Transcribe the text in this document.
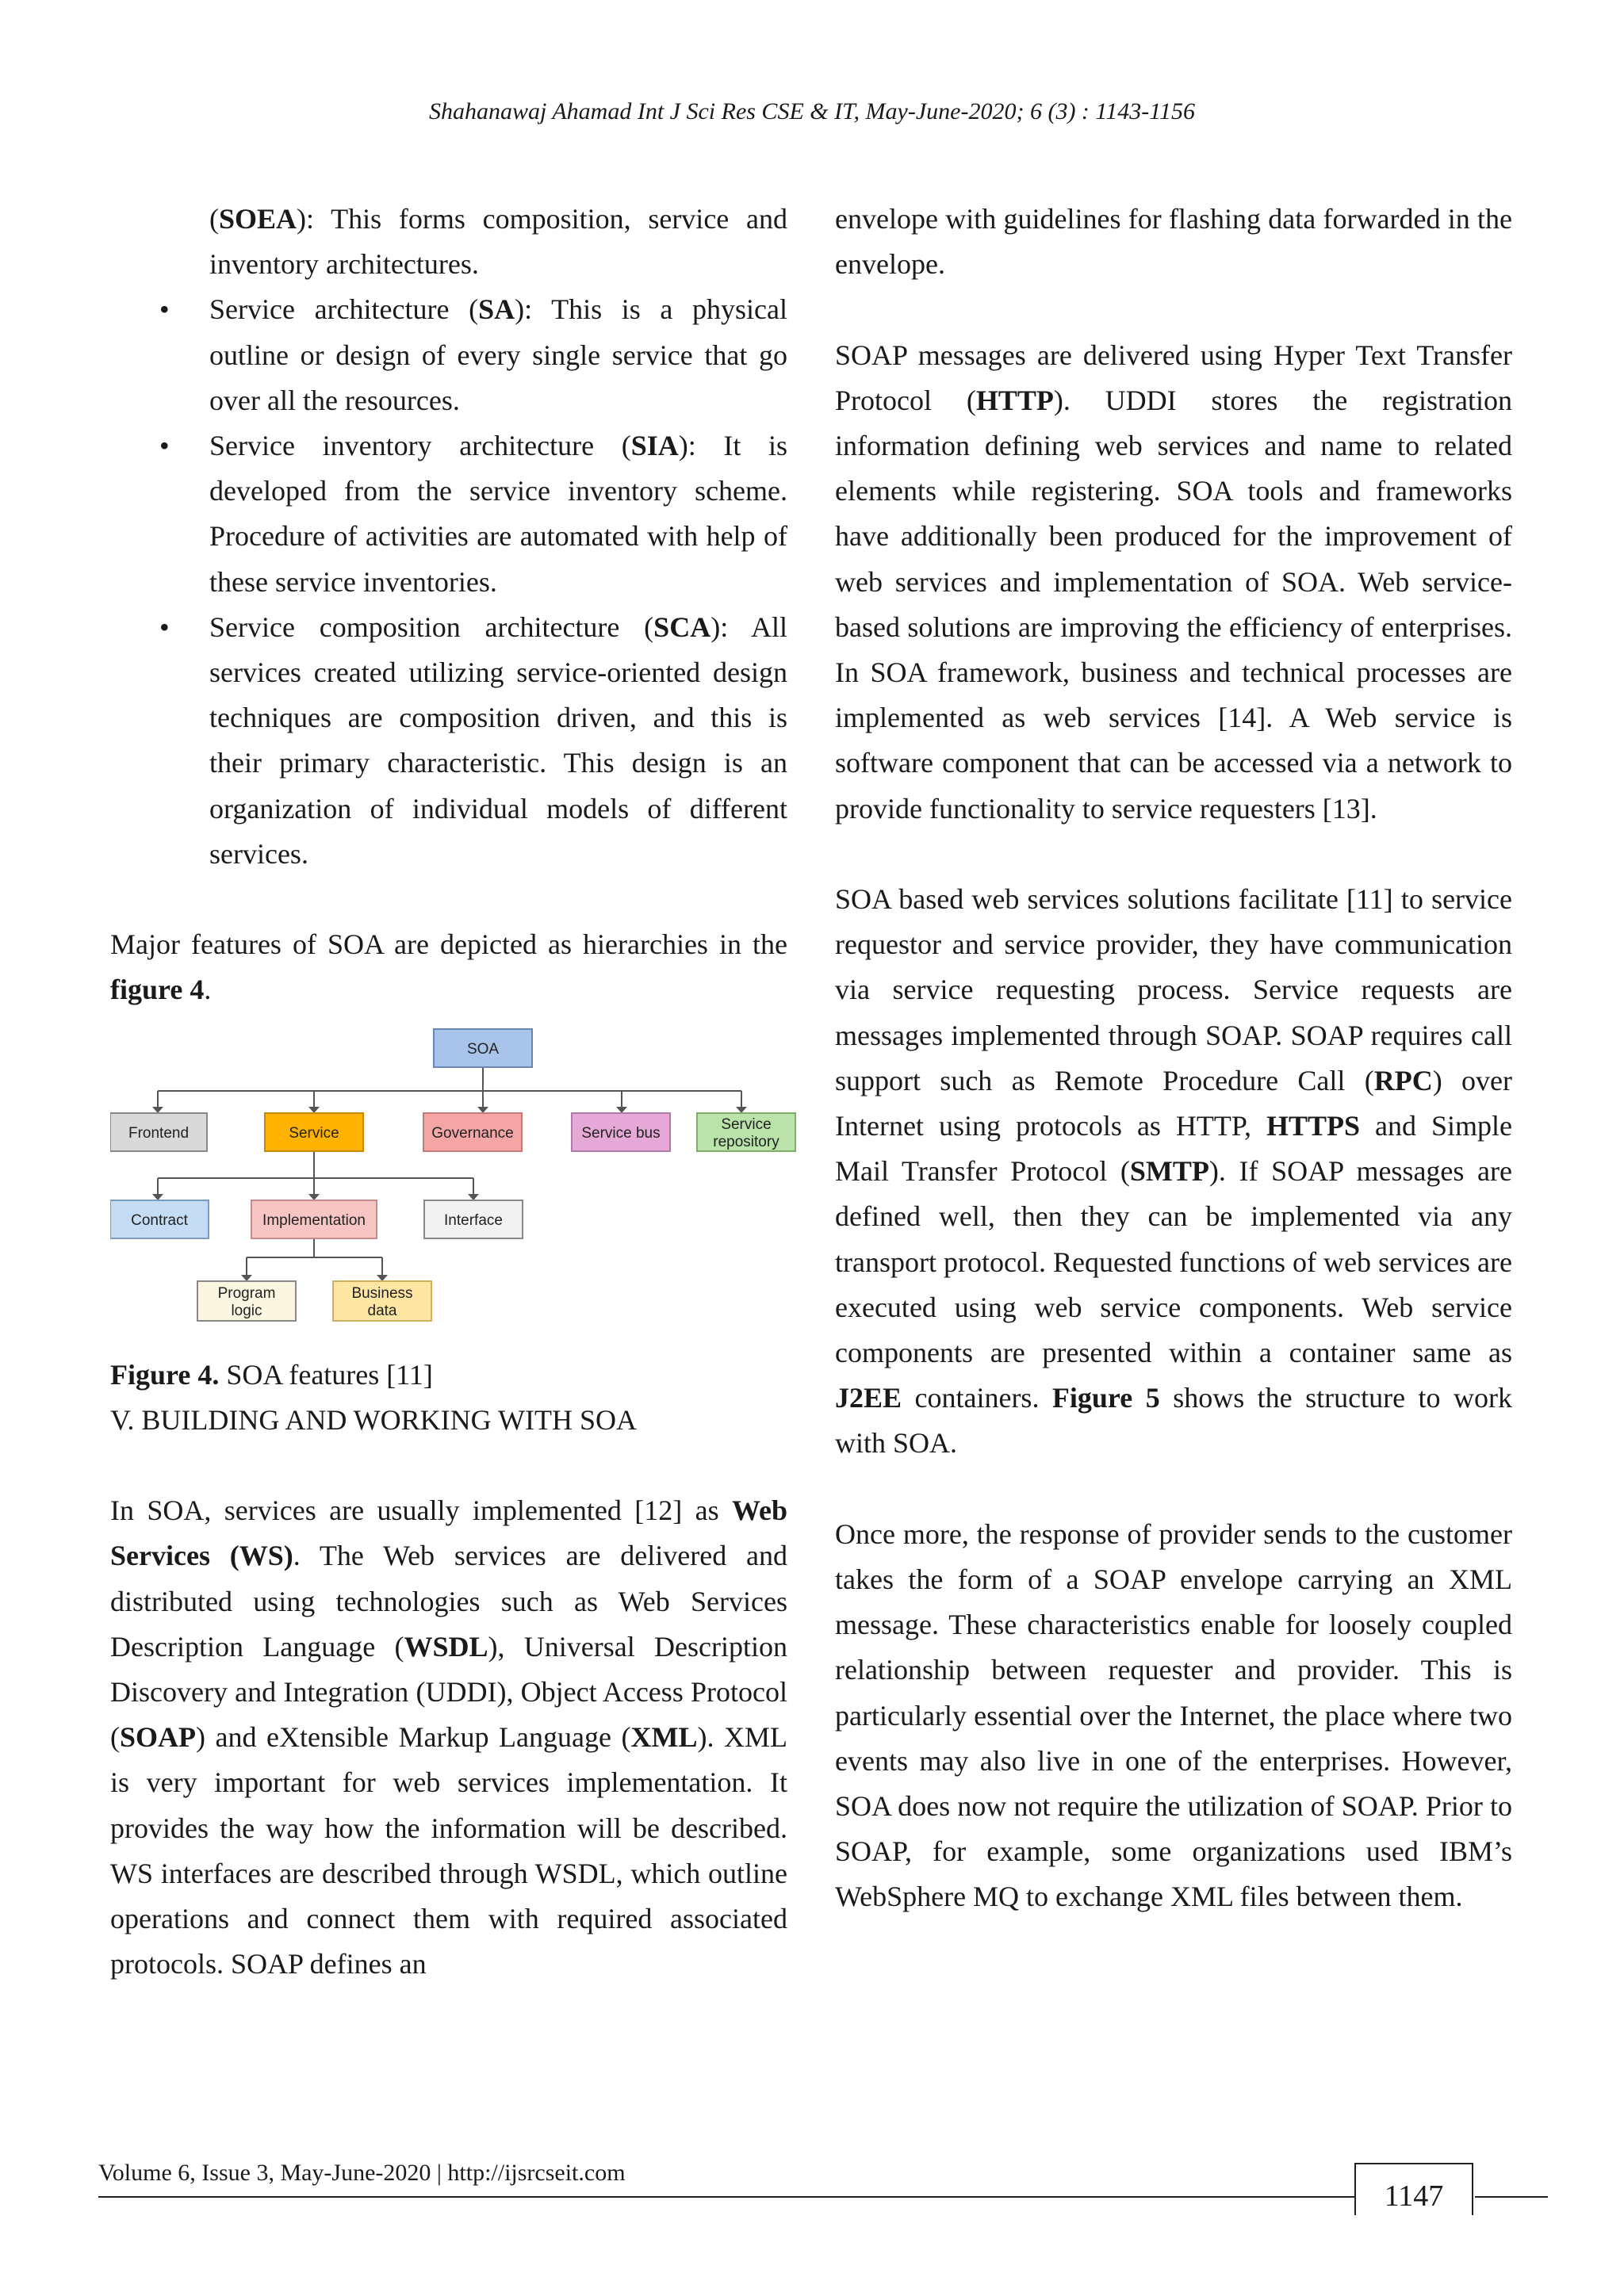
Shahanawaj Ahamad Int J Sci Res CSE & IT, May-June-2020; 6 (3) : 1143-1156

(SOEA): This forms composition, service and inventory architectures.

• Service architecture (SA): This is a physical outline or design of every single service that go over all the resources.

• Service inventory architecture (SIA): It is developed from the service inventory scheme. Procedure of activities are automated with help of these service inventories.

• Service composition architecture (SCA): All services created utilizing service-oriented design techniques are composition driven, and this is their primary characteristic. This design is an organization of individual models of different services.

Major features of SOA are depicted as hierarchies in the figure 4.

SOA
Frontend	Service	Governance	Service bus
Service
repository
Contract	Implementation	Interface
Program
logic
Business
data

Figure 4. SOA features [11]

V. BUILDING AND WORKING WITH SOA

In SOA, services are usually implemented [12] as Web Services (WS). The Web services are delivered and distributed using technologies such as Web Services Description Language (WSDL), Universal Description Discovery and Integration (UDDI), Object Access Protocol (SOAP) and eXtensible Markup Language (XML). XML is very important for web services implementation. It provides the way how the information will be described. WS interfaces are described through WSDL, which outline operations and connect them with required associated protocols. SOAP defines an

envelope with guidelines for flashing data forwarded in the envelope.

SOAP messages are delivered using Hyper Text Transfer Protocol (HTTP). UDDI stores the registration information defining web services and name to related elements while registering. SOA tools and frameworks have additionally been produced for the improvement of web services and implementation of SOA. Web service-based solutions are improving the efficiency of enterprises. In SOA framework, business and technical processes are implemented as web services [14]. A Web service is software component that can be accessed via a network to provide functionality to service requesters [13].

SOA based web services solutions facilitate [11] to service requestor and service provider, they have communication via service requesting process. Service requests are messages implemented through SOAP. SOAP requires call support such as Remote Procedure Call (RPC) over Internet using protocols as HTTP, HTTPS and Simple Mail Transfer Protocol (SMTP). If SOAP messages are defined well, then they can be implemented via any transport protocol. Requested functions of web services are executed using web service components. Web service components are presented within a container same as J2EE containers. Figure 5 shows the structure to work with SOA.

Once more, the response of provider sends to the customer takes the form of a SOAP envelope carrying an XML message. These characteristics enable for loosely coupled relationship between requester and provider. This is particularly essential over the Internet, the place where two events may also live in one of the enterprises. However, SOA does now not require the utilization of SOAP. Prior to SOAP, for example, some organizations used IBM’s WebSphere MQ to exchange XML files between them.

Volume 6, Issue 3, May-June-2020 | http://ijsrcseit.com
1147
